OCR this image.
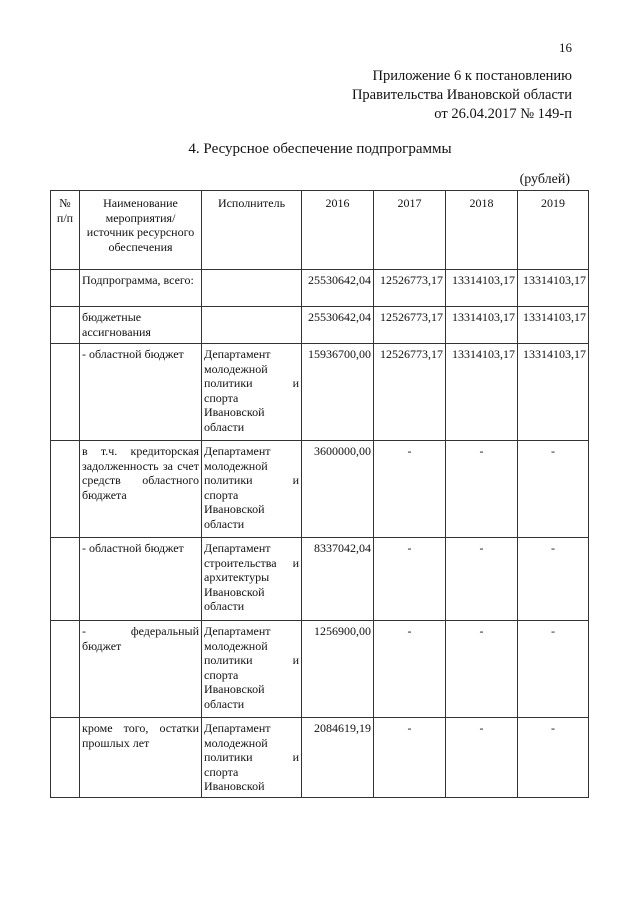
16
Приложение 6 к постановлению
Правительства Ивановской области
от 26.04.2017 № 149-п
4. Ресурсное обеспечение подпрограммы
(рублей)
№ п/п	Наименование мероприятия/ источник ресурсного обеспечения	Исполнитель	2016	2017	2018	2019
	Подпрограмма, всего:		25530642,04	12526773,17	13314103,17	13314103,17
	бюджетные ассигнования		25530642,04	12526773,17	13314103,17	13314103,17
	- областной бюджет	Департамент молодежной политики и спорта Ивановской области	15936700,00	12526773,17	13314103,17	13314103,17
	в т.ч. кредиторская задолженность за счет средств областного бюджета	Департамент молодежной политики и спорта Ивановской области	3600000,00	-	-	-
	- областной бюджет	Департамент строительства и архитектуры Ивановской области	8337042,04	-	-	-
	- федеральный бюджет	Департамент молодежной политики и спорта Ивановской области	1256900,00	-	-	-
	кроме того, остатки прошлых лет	Департамент молодежной политики и спорта Ивановской	2084619,19	-	-	-
